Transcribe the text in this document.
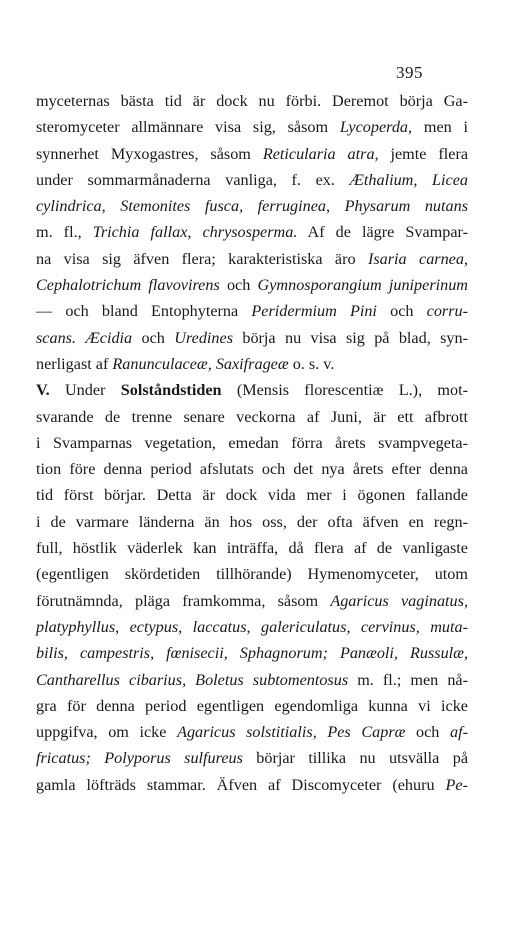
395
myceternas bästa tid är dock nu förbi. Deremot börja Ga-
steromyceter allmännare visa sig, såsom Lycoperda, men i
synnerhet Myxogastres, såsom Reticularia atra, jemte flera
under sommarmånaderna vanliga, f. ex. Æthalium, Licea
cylindrica, Stemonites fusca, ferruginea, Physarum nutans
m. fl., Trichia fallax, chrysosperma. Af de lägre Svampar-
na visa sig äfven flera; karakteristiska äro Isaria carnea,
Cephalotrichum flavovirens och Gymnosporangium juniperinum
— och bland Entophyterna Peridermium Pini och corru-
scans. Æcidia och Uredines börja nu visa sig på blad, syn-
nerligast af Ranunculaceæ, Saxifrageæ o. s. v.
V. Under Solståndstiden (Mensis florescentiæ L.), mot-
svarande de trenne senare veckorna af Juni, är ett afbrott
i Svamparnas vegetation, emedan förra årets svampvegeta-
tion före denna period afslutats och det nya årets efter denna
tid först börjar. Detta är dock vida mer i ögonen fallande
i de varmare länderna än hos oss, der ofta äfven en regn-
full, höstlik väderlek kan inträffa, då flera af de vanligaste
(egentligen skördetiden tillhörande) Hymenomyceter, utom
förutnämnda, pläga framkomma, såsom Agaricus vaginatus,
platyphyllus, ectypus, laccatus, galericulatus, cervinus, muta-
bilis, campestris, fœnisecii, Sphagnorum; Panæoli, Russulæ,
Cantharellus cibarius, Boletus subtomentosus m. fl.; men nå-
gra för denna period egentligen egendomliga kunna vi icke
uppgifva, om icke Agaricus solstitialis, Pes Capræ och af-
fricatus; Polyporus sulfureus börjar tillika nu utsvälla på
gamla löfträds stammar. Äfven af Discomyceter (ehuru Pe-
